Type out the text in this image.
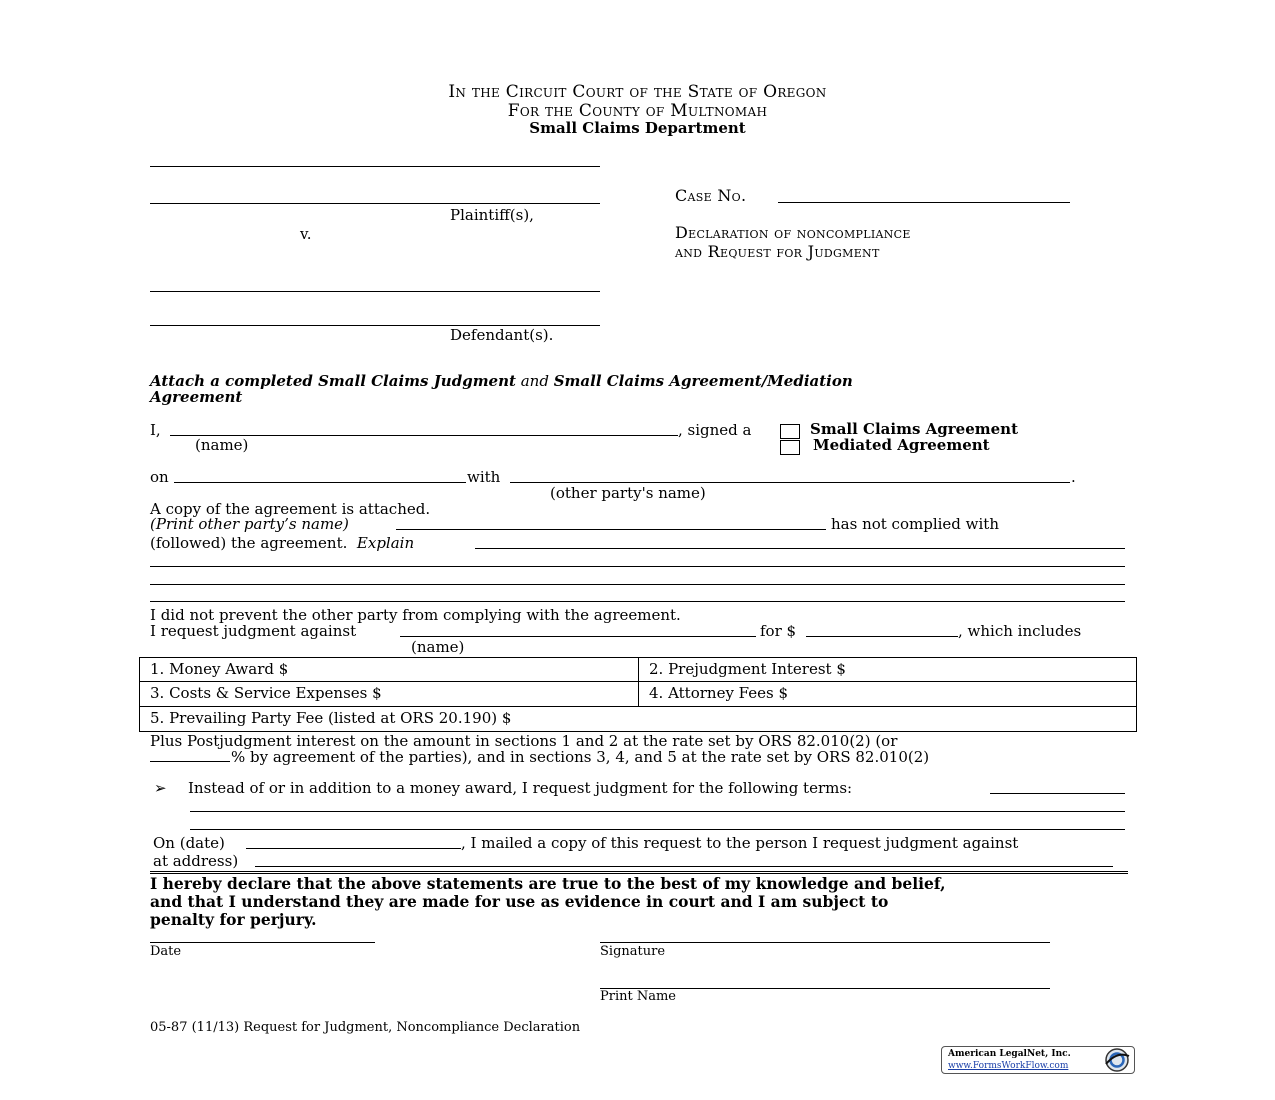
In the Circuit Court of the State of Oregon
For the County of Multnomah
Small Claims Department
Plaintiff(s),
v.
Defendant(s).
Case No.
Declaration of noncompliance
and Request for Judgment
Attach a completed Small Claims Judgment and Small Claims Agreement/Mediation
Agreement
I,	, signed a
(name)
Small Claims Agreement
Mediated Agreement
on	with	.
(other party's name)
A copy of the agreement is attached.
(Print other party’s name)	has not complied with
(followed) the agreement. Explain
I did not prevent the other party from complying with the agreement.
I request judgment against	for $	, which includes
(name)
1. Money Award $	2. Prejudgment Interest $
3. Costs & Service Expenses $	4. Attorney Fees $
5. Prevailing Party Fee (listed at ORS 20.190) $
Plus Postjudgment interest on the amount in sections 1 and 2 at the rate set by ORS 82.010(2) (or
% by agreement of the parties), and in sections 3, 4, and 5 at the rate set by ORS 82.010(2)
➢ Instead of or in addition to a money award, I request judgment for the following terms:
On (date)	, I mailed a copy of this request to the person I request judgment against
at address)
I hereby declare that the above statements are true to the best of my knowledge and belief,
and that I understand they are made for use as evidence in court and I am subject to
penalty for perjury.
Date	Signature
Print Name
05-87 (11/13) Request for Judgment, Noncompliance Declaration
American LegalNet, Inc.
www.FormsWorkFlow.com
